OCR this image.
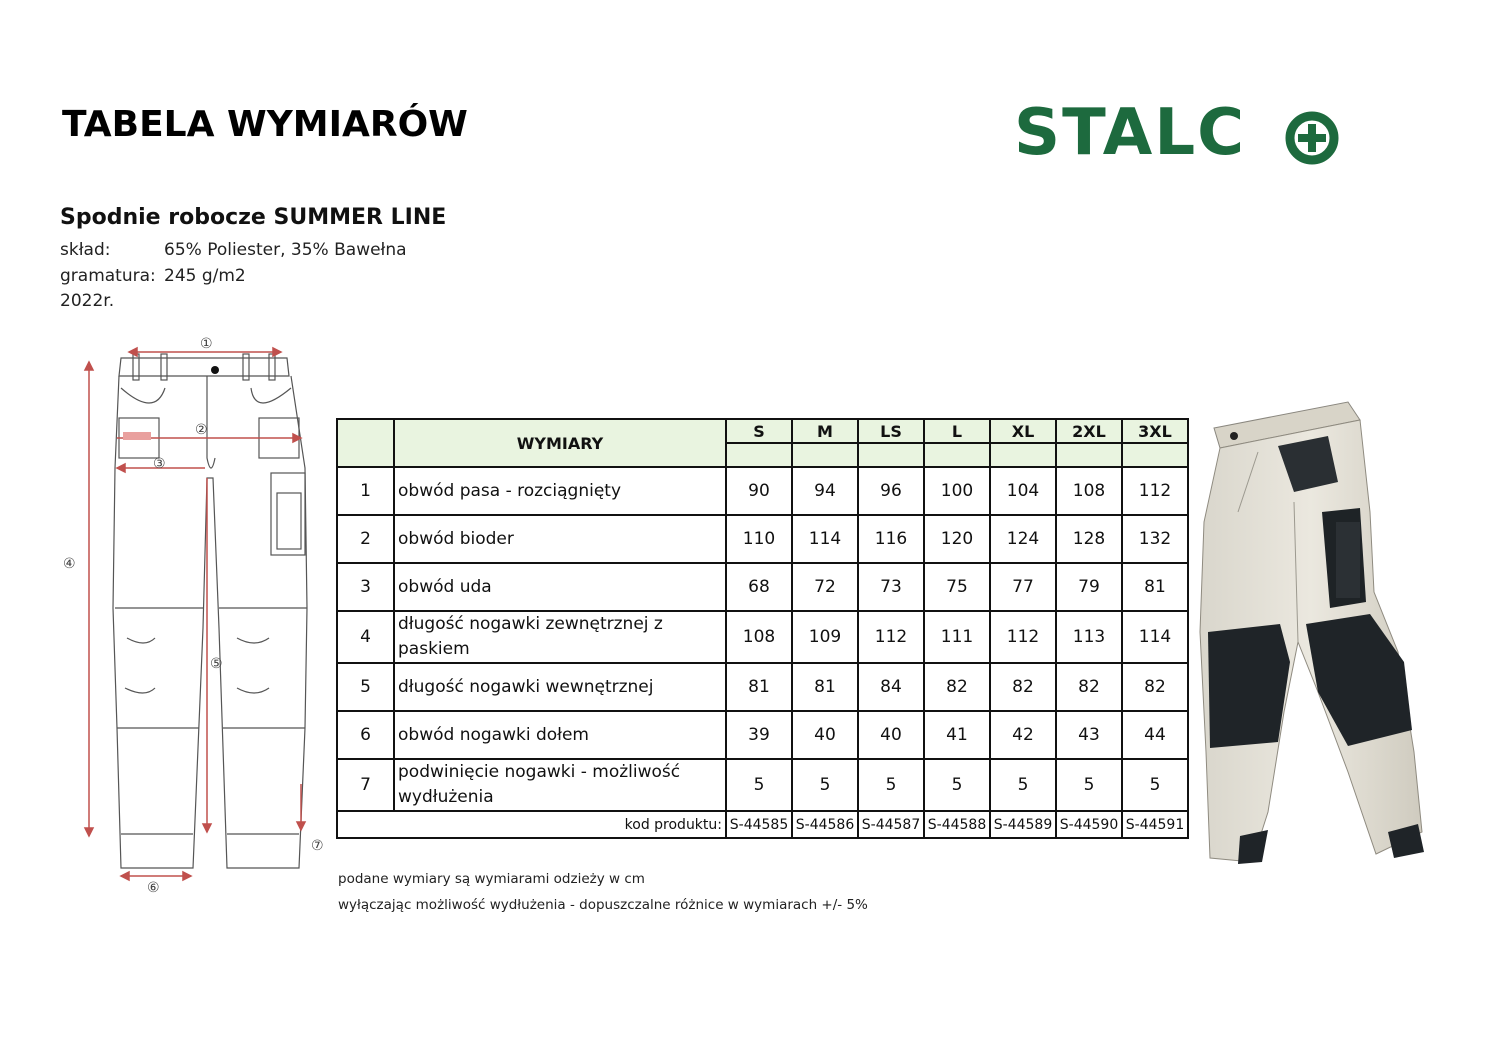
TABELA WYMIARÓW	STALC
Spodnie robocze SUMMER LINE
skład:	65% Poliester, 35% Bawełna
gramatura: 245 g/m2
2022r.
①
②
③
④
⑤
⑥
⑦
	WYMIARY	S	M	LS	L	XL	2XL	3XL

1	obwód pasa - rozciągnięty	90	94	96	100	104	108	112
2	obwód bioder	110	114	116	120	124	128	132
3	obwód uda	68	72	73	75	77	79	81
4	długość nogawki zewnętrznej z paskiem	108	109	112	111	112	113	114
5	długość nogawki wewnętrznej	81	81	84	82	82	82	82
6	obwód nogawki dołem	39	40	40	41	42	43	44
7	podwinięcie nogawki - możliwość wydłużenia	5	5	5	5	5	5	5
kod produktu:		S-44585	S-44586	S-44587	S-44588	S-44589	S-44590	S-44591
podane wymiary są wymiarami odzieży w cm
wyłączając możliwość wydłużenia - dopuszczalne różnice w wymiarach +/- 5%
